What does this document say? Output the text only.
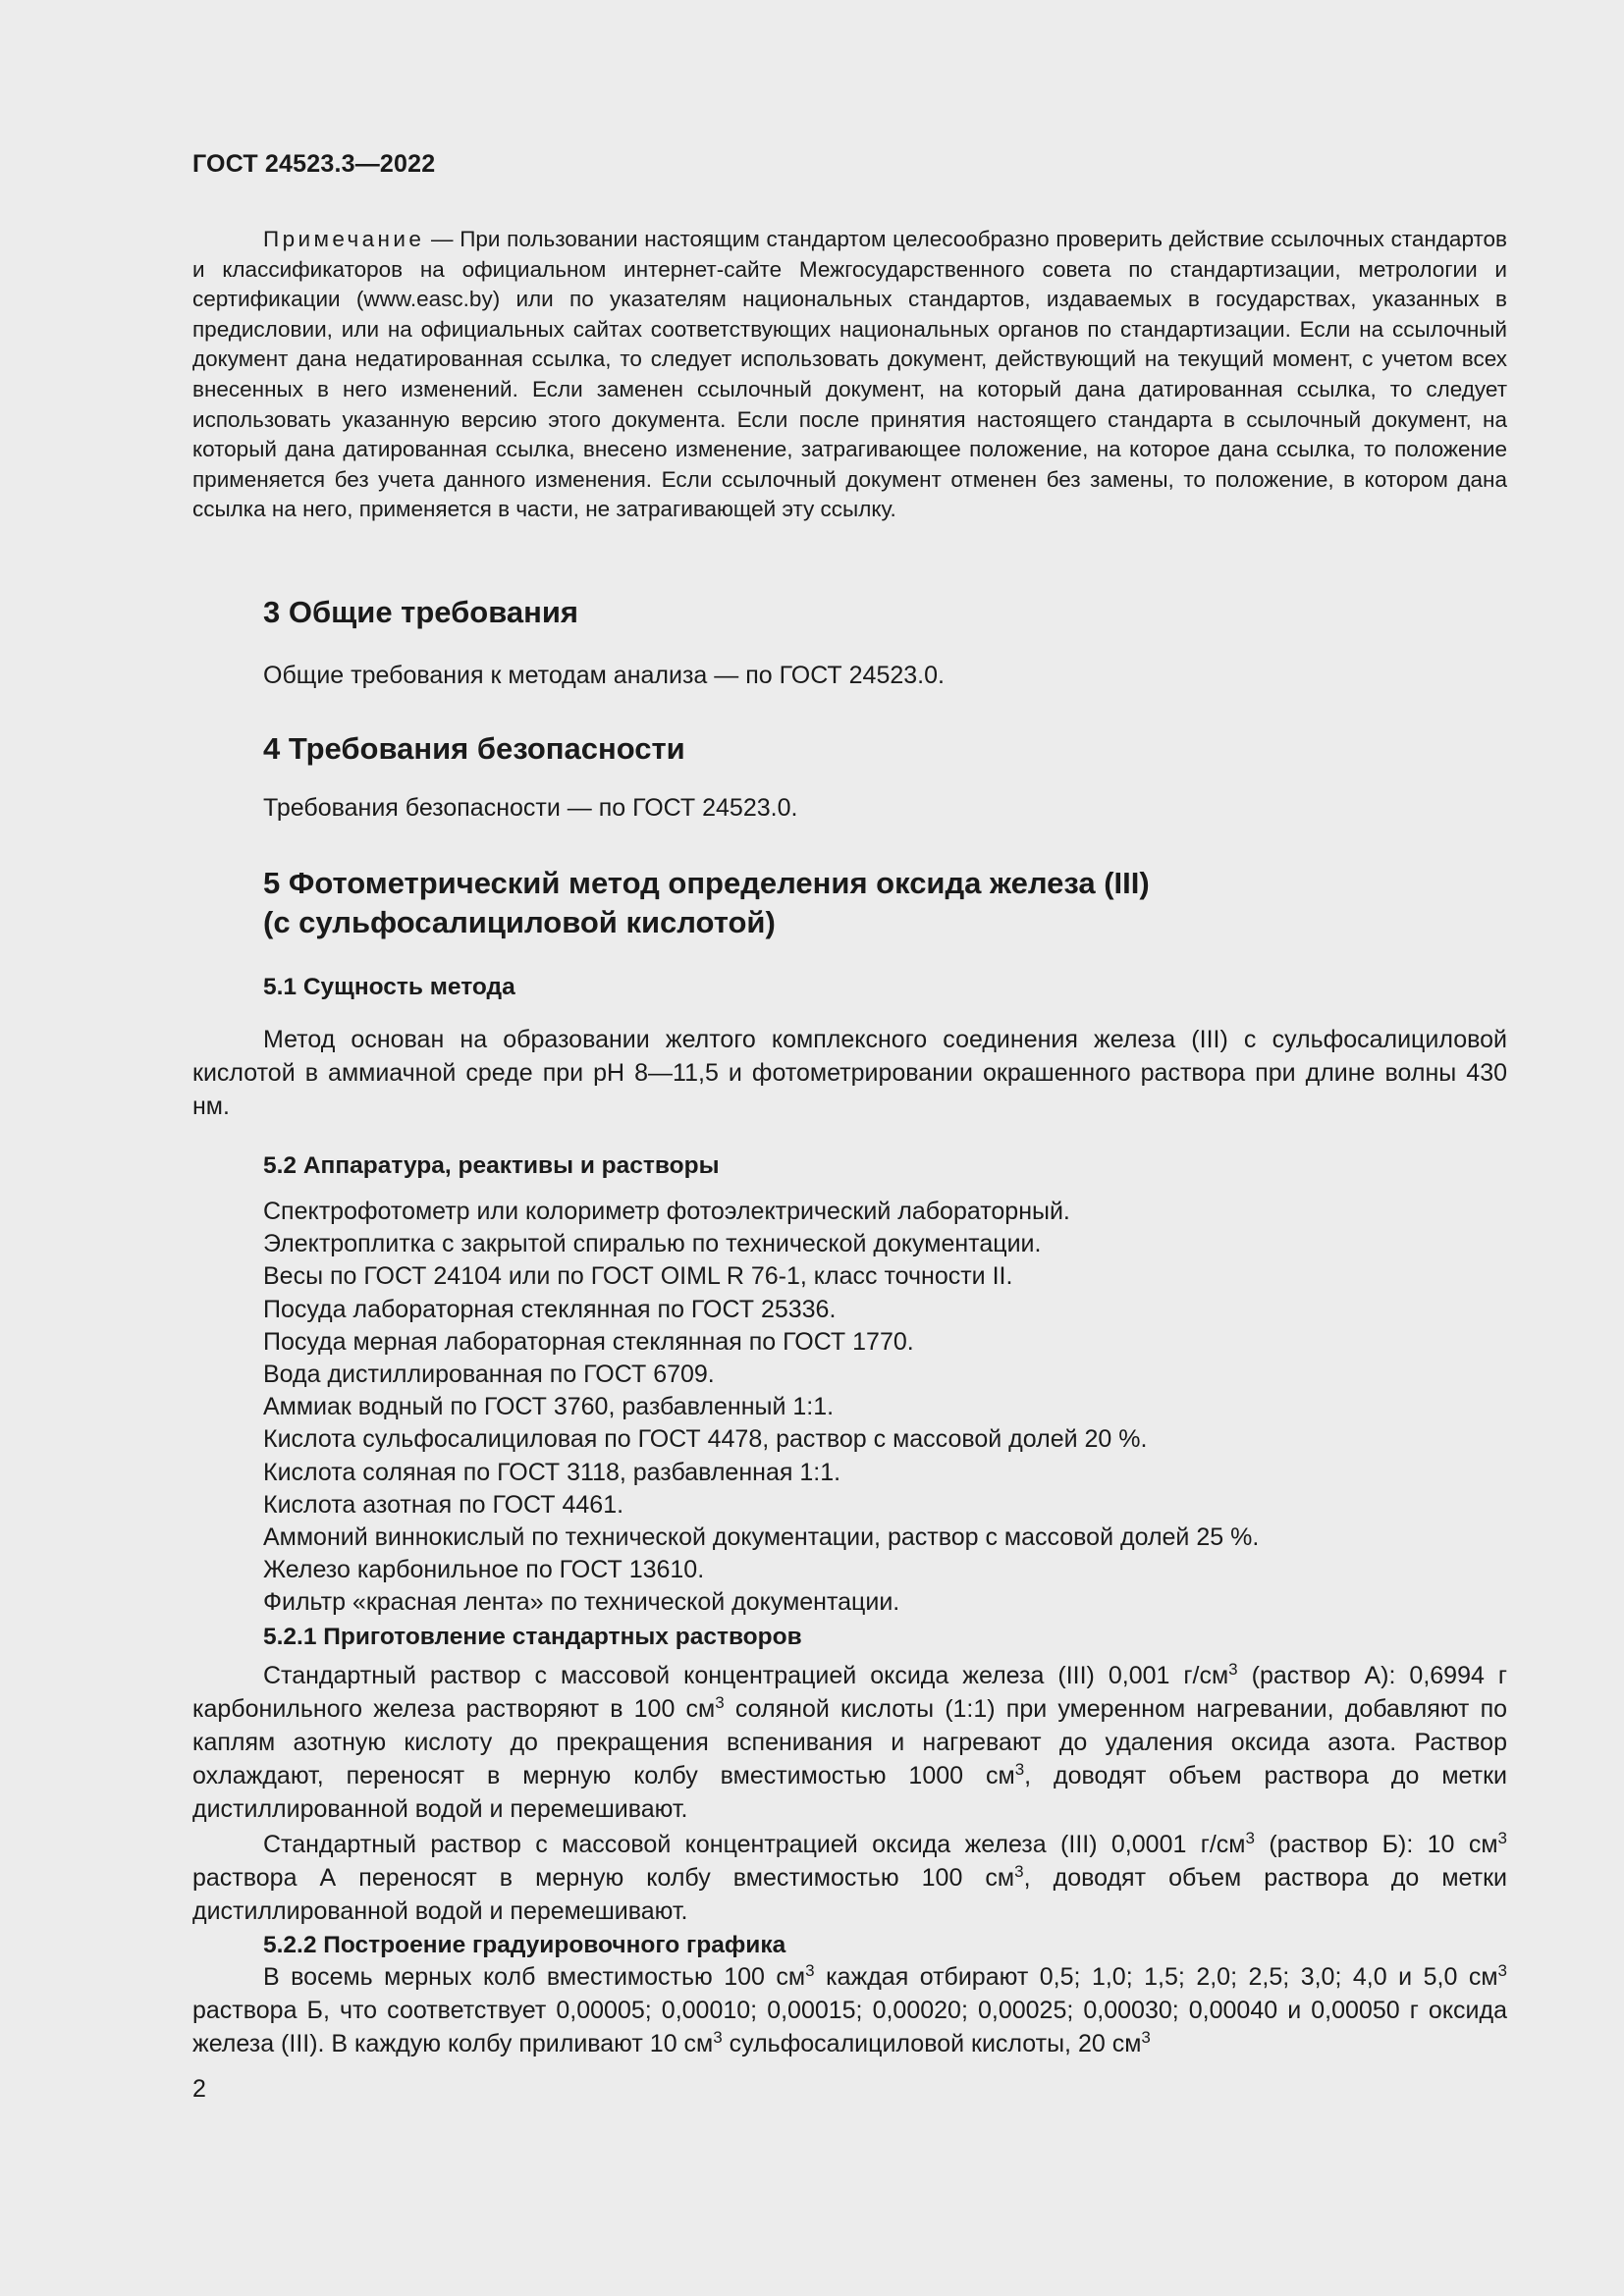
ГОСТ 24523.3—2022
Примечание — При пользовании настоящим стандартом целесообразно проверить действие ссылочных стандартов и классификаторов на официальном интернет-сайте Межгосударственного совета по стандартизации, метрологии и сертификации (www.easc.by) или по указателям национальных стандартов, издаваемых в государствах, указанных в предисловии, или на официальных сайтах соответствующих национальных органов по стандартизации. Если на ссылочный документ дана недатированная ссылка, то следует использовать документ, действующий на текущий момент, с учетом всех внесенных в него изменений. Если заменен ссылочный документ, на который дана датированная ссылка, то следует использовать указанную версию этого документа. Если после принятия настоящего стандарта в ссылочный документ, на который дана датированная ссылка, внесено изменение, затрагивающее положение, на которое дана ссылка, то положение применяется без учета данного изменения. Если ссылочный документ отменен без замены, то положение, в котором дана ссылка на него, применяется в части, не затрагивающей эту ссылку.
3 Общие требования
Общие требования к методам анализа — по ГОСТ 24523.0.
4 Требования безопасности
Требования безопасности — по ГОСТ 24523.0.
5 Фотометрический метод определения оксида железа (III)
(с сульфосалициловой кислотой)
5.1 Сущность метода
Метод основан на образовании желтого комплексного соединения железа (III) с сульфосалициловой кислотой в аммиачной среде при рН 8—11,5 и фотометрировании окрашенного раствора при длине волны 430 нм.
5.2 Аппаратура, реактивы и растворы
Спектрофотометр или колориметр фотоэлектрический лабораторный.
Электроплитка с закрытой спиралью по технической документации.
Весы по ГОСТ 24104 или по ГОСТ OIML R 76-1, класс точности II.
Посуда лабораторная стеклянная по ГОСТ 25336.
Посуда мерная лабораторная стеклянная по ГОСТ 1770.
Вода дистиллированная по ГОСТ 6709.
Аммиак водный по ГОСТ 3760, разбавленный 1:1.
Кислота сульфосалициловая по ГОСТ 4478, раствор с массовой долей 20 %.
Кислота соляная по ГОСТ 3118, разбавленная 1:1.
Кислота азотная по ГОСТ 4461.
Аммоний виннокислый по технической документации, раствор с массовой долей 25 %.
Железо карбонильное по ГОСТ 13610.
Фильтр «красная лента» по технической документации.
5.2.1 Приготовление стандартных растворов
Стандартный раствор с массовой концентрацией оксида железа (III) 0,001 $г/см^3$ (раствор А): 0,6994 г карбонильного железа растворяют в 100 $см^3$ соляной кислоты (1:1) при умеренном нагревании, добавляют по каплям азотную кислоту до прекращения вспенивания и нагревают до удаления оксида азота. Раствор охлаждают, переносят в мерную колбу вместимостью 1000 $см^3$, доводят объем раствора до метки дистиллированной водой и перемешивают.
Стандартный раствор с массовой концентрацией оксида железа (III) 0,0001 $г/см^3$ (раствор Б): 10 $см^3$ раствора А переносят в мерную колбу вместимостью 100 $см^3$, доводят объем раствора до метки дистиллированной водой и перемешивают.
5.2.2 Построение градуировочного графика
В восемь мерных колб вместимостью 100 $см^3$ каждая отбирают 0,5; 1,0; 1,5; 2,0; 2,5; 3,0; 4,0 и 5,0 $см^3$ раствора Б, что соответствует 0,00005; 0,00010; 0,00015; 0,00020; 0,00025; 0,00030; 0,00040 и 0,00050 г оксида железа (III). В каждую колбу приливают 10 $см^3$ сульфосалициловой кислоты, 20 $см^3$
2
